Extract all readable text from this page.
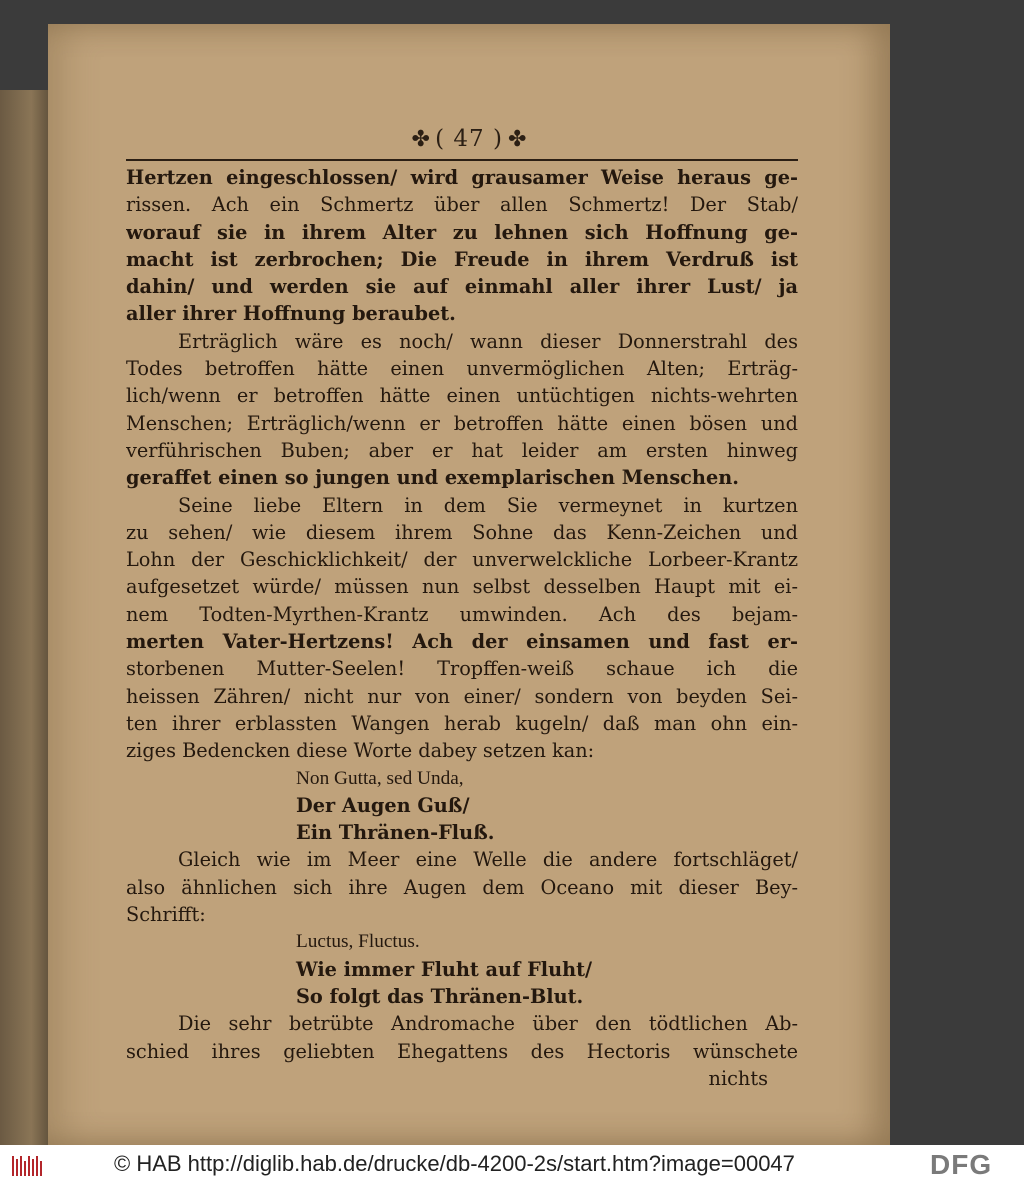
✤ ( 47 ) ✤
Hertzen eingeschlossen/ wird grausamer Weise heraus ge-
rissen. Ach ein Schmertz über allen Schmertz! Der Stab/
worauf sie in ihrem Alter zu lehnen sich Hoffnung ge-
macht ist zerbrochen; Die Freude in ihrem Verdruß ist
dahin/ und werden sie auf einmahl aller ihrer Lust/ ja
aller ihrer Hoffnung beraubet.
Erträglich wäre es noch/ wann dieser Donnerstrahl des
Todes betroffen hätte einen unvermöglichen Alten; Erträg-
lich/wenn er betroffen hätte einen untüchtigen nichts-wehrten
Menschen; Erträglich/wenn er betroffen hätte einen bösen und
verführischen Buben; aber er hat leider am ersten hinweg
geraffet einen so jungen und exemplarischen Menschen.
Seine liebe Eltern in dem Sie vermeynet in kurtzen
zu sehen/ wie diesem ihrem Sohne das Kenn-Zeichen und
Lohn der Geschicklichkeit/ der unverwelckliche Lorbeer-Krantz
aufgesetzet würde/ müssen nun selbst desselben Haupt mit ei-
nem Todten-Myrthen-Krantz umwinden. Ach des bejam-
merten Vater-Hertzens! Ach der einsamen und fast er-
storbenen Mutter-Seelen! Tropffen-weiß schaue ich die
heissen Zähren/ nicht nur von einer/ sondern von beyden Sei-
ten ihrer erblassten Wangen herab kugeln/ daß man ohn ein-
ziges Bedencken diese Worte dabey setzen kan:
Non Gutta, sed Unda,
Der Augen Guß/
Ein Thränen-Fluß.
Gleich wie im Meer eine Welle die andere fortschläget/
also ähnlichen sich ihre Augen dem Oceano mit dieser Bey-
Schrifft:
Luctus, Fluctus.
Wie immer Fluht auf Fluht/
So folgt das Thränen-Blut.
Die sehr betrübte Andromache über den tödtlichen Ab-
schied ihres geliebten Ehegattens des Hectoris wünschete
nichts
© HAB http://diglib.hab.de/drucke/db-4200-2s/start.htm?image=00047	DFG
